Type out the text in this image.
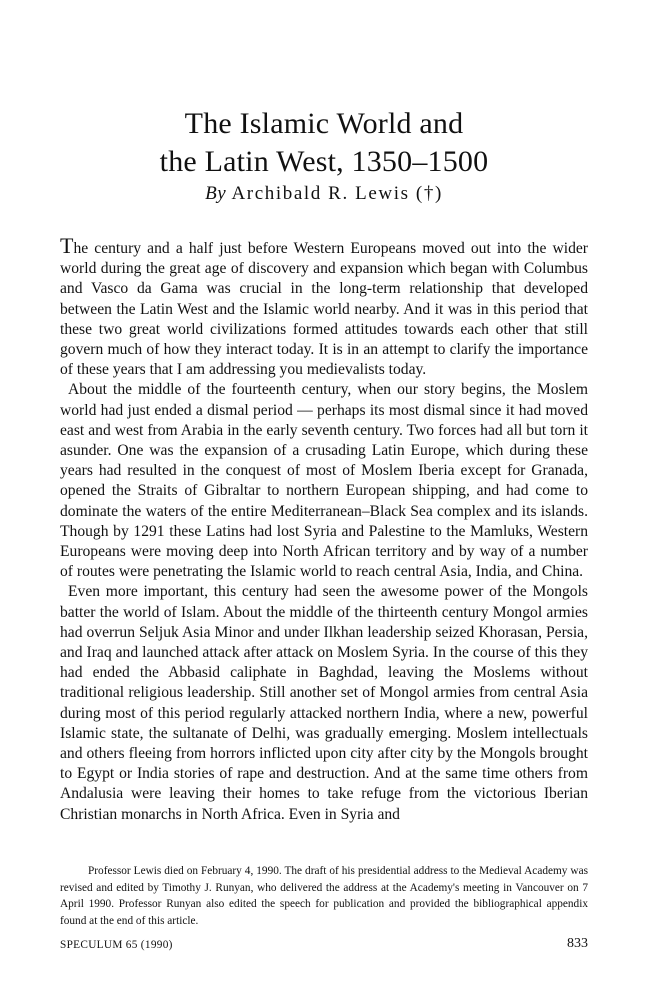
The Islamic World and
the Latin West, 1350–1500
By Archibald R. Lewis (†)

The century and a half just before Western Europeans moved out into the wider world during the great age of discovery and expansion which began with Columbus and Vasco da Gama was crucial in the long-term relationship that developed between the Latin West and the Islamic world nearby. And it was in this period that these two great world civilizations formed attitudes towards each other that still govern much of how they interact today. It is in an attempt to clarify the importance of these years that I am addressing you medievalists today.

About the middle of the fourteenth century, when our story begins, the Moslem world had just ended a dismal period — perhaps its most dismal since it had moved east and west from Arabia in the early seventh century. Two forces had all but torn it asunder. One was the expansion of a crusading Latin Europe, which during these years had resulted in the conquest of most of Moslem Iberia except for Granada, opened the Straits of Gibraltar to northern European shipping, and had come to dominate the waters of the entire Mediterranean–Black Sea complex and its islands. Though by 1291 these Latins had lost Syria and Palestine to the Mamluks, Western Europeans were moving deep into North African territory and by way of a number of routes were penetrating the Islamic world to reach central Asia, India, and China.

Even more important, this century had seen the awesome power of the Mongols batter the world of Islam. About the middle of the thirteenth century Mongol armies had overrun Seljuk Asia Minor and under Ilkhan leadership seized Khorasan, Persia, and Iraq and launched attack after attack on Moslem Syria. In the course of this they had ended the Abbasid caliphate in Baghdad, leaving the Moslems without traditional religious leadership. Still another set of Mongol armies from central Asia during most of this period regularly attacked northern India, where a new, powerful Islamic state, the sultanate of Delhi, was gradually emerging. Moslem intellectuals and others fleeing from horrors inflicted upon city after city by the Mongols brought to Egypt or India stories of rape and destruction. And at the same time others from Andalusia were leaving their homes to take refuge from the victorious Iberian Christian monarchs in North Africa. Even in Syria and

Professor Lewis died on February 4, 1990. The draft of his presidential address to the Medieval Academy was revised and edited by Timothy J. Runyan, who delivered the address at the Academy's meeting in Vancouver on 7 April 1990. Professor Runyan also edited the speech for publication and provided the bibliographical appendix found at the end of this article.

SPECULUM 65 (1990)	833
